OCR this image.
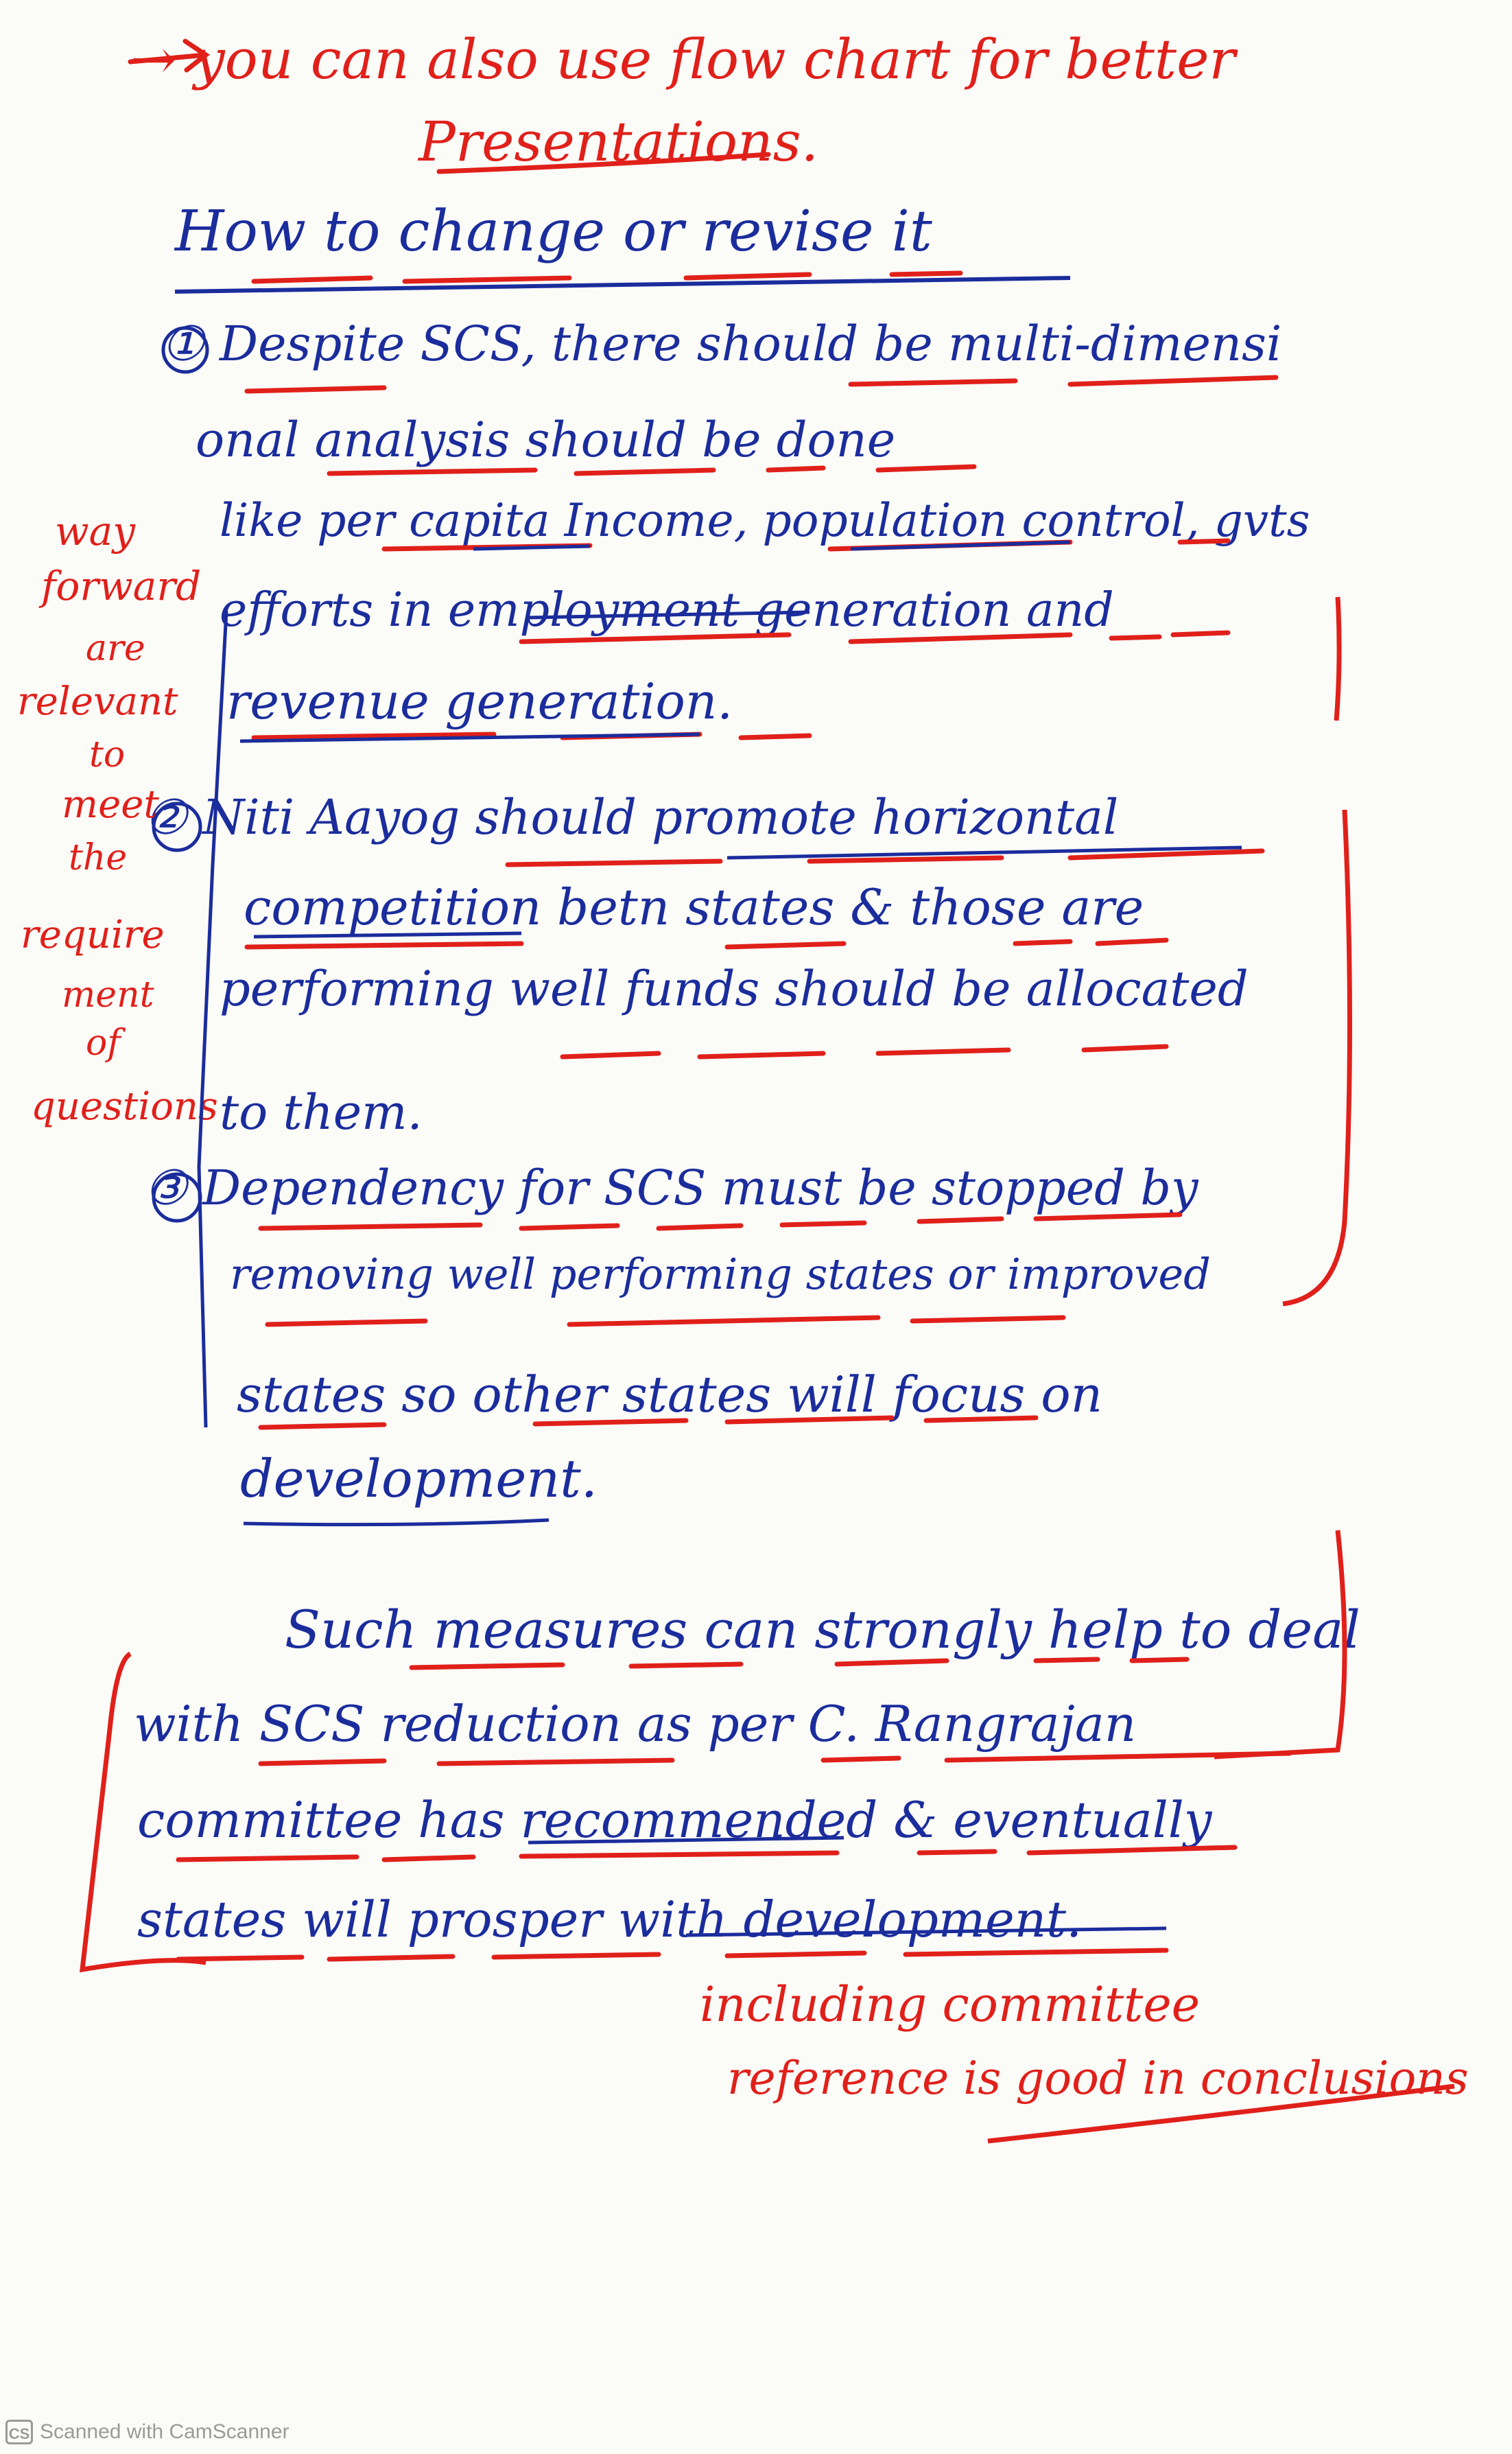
→ you can also use flow chart for better
Presentations.
How to change or revise it
① Despite SCS, there should be multi-dimensi
onal analysis should be done
like per capita Income, population control, gvts
efforts in employment generation and
revenue generation.
② Niti Aayog should promote horizontal
competition betn states & those are
performing well funds should be allocated
to them.
③ Dependency for SCS must be stopped by
removing well performing states or improved
states so other states will focus on
development.
Such measures can strongly help to deal
with SCS reduction as per C. Rangrajan
committee has recommended & eventually
states will prosper with development.
way
forward
are
relevant
to
meet
the
require
ment
of
questions
including committee
reference is good in conclusions
CS Scanned with CamScanner
